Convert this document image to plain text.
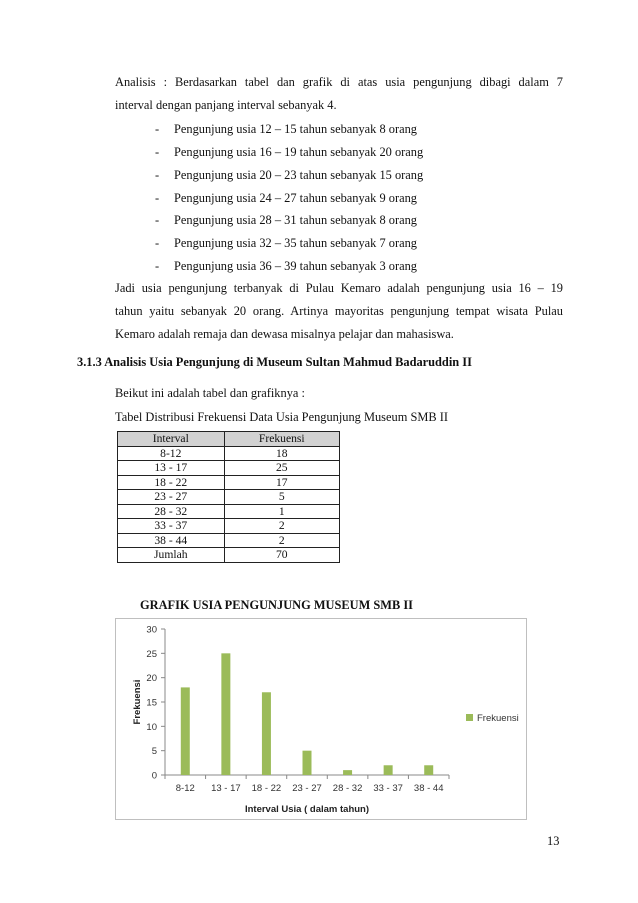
Analisis : Berdasarkan tabel dan grafik di atas usia pengunjung dibagi dalam 7
interval dengan panjang interval sebanyak 4.
- Pengunjung usia 12 – 15 tahun sebanyak 8 orang
- Pengunjung usia 16 – 19 tahun sebanyak 20 orang
- Pengunjung usia 20 – 23 tahun sebanyak 15 orang
- Pengunjung usia 24 – 27 tahun sebanyak 9 orang
- Pengunjung usia 28 – 31 tahun sebanyak 8 orang
- Pengunjung usia 32 – 35 tahun sebanyak 7 orang
- Pengunjung usia 36 – 39 tahun sebanyak 3 orang
Jadi usia pengunjung terbanyak di Pulau Kemaro adalah pengunjung usia 16 – 19
tahun yaitu sebanyak 20 orang. Artinya mayoritas pengunjung tempat wisata Pulau
Kemaro adalah remaja dan dewasa misalnya pelajar dan mahasiswa.
3.1.3 Analisis Usia Pengunjung di Museum Sultan Mahmud Badaruddin II
Beikut ini adalah tabel dan grafiknya :
Tabel Distribusi Frekuensi Data Usia Pengunjung Museum SMB II
Interval	Frekuensi
8-12	18
13 - 17	25
18 - 22	17
23 - 27	5
28 - 32	1
33 - 37	2
38 - 44	2
Jumlah	70
GRAFIK USIA PENGUNJUNG MUSEUM SMB II
0
5
10
15
20
25
30
8-12 13 - 17 18 - 22 23 - 27 28 - 32 33 - 37 38 - 44
Interval Usia ( dalam tahun)
Frekuensi	Frekuensi
13
